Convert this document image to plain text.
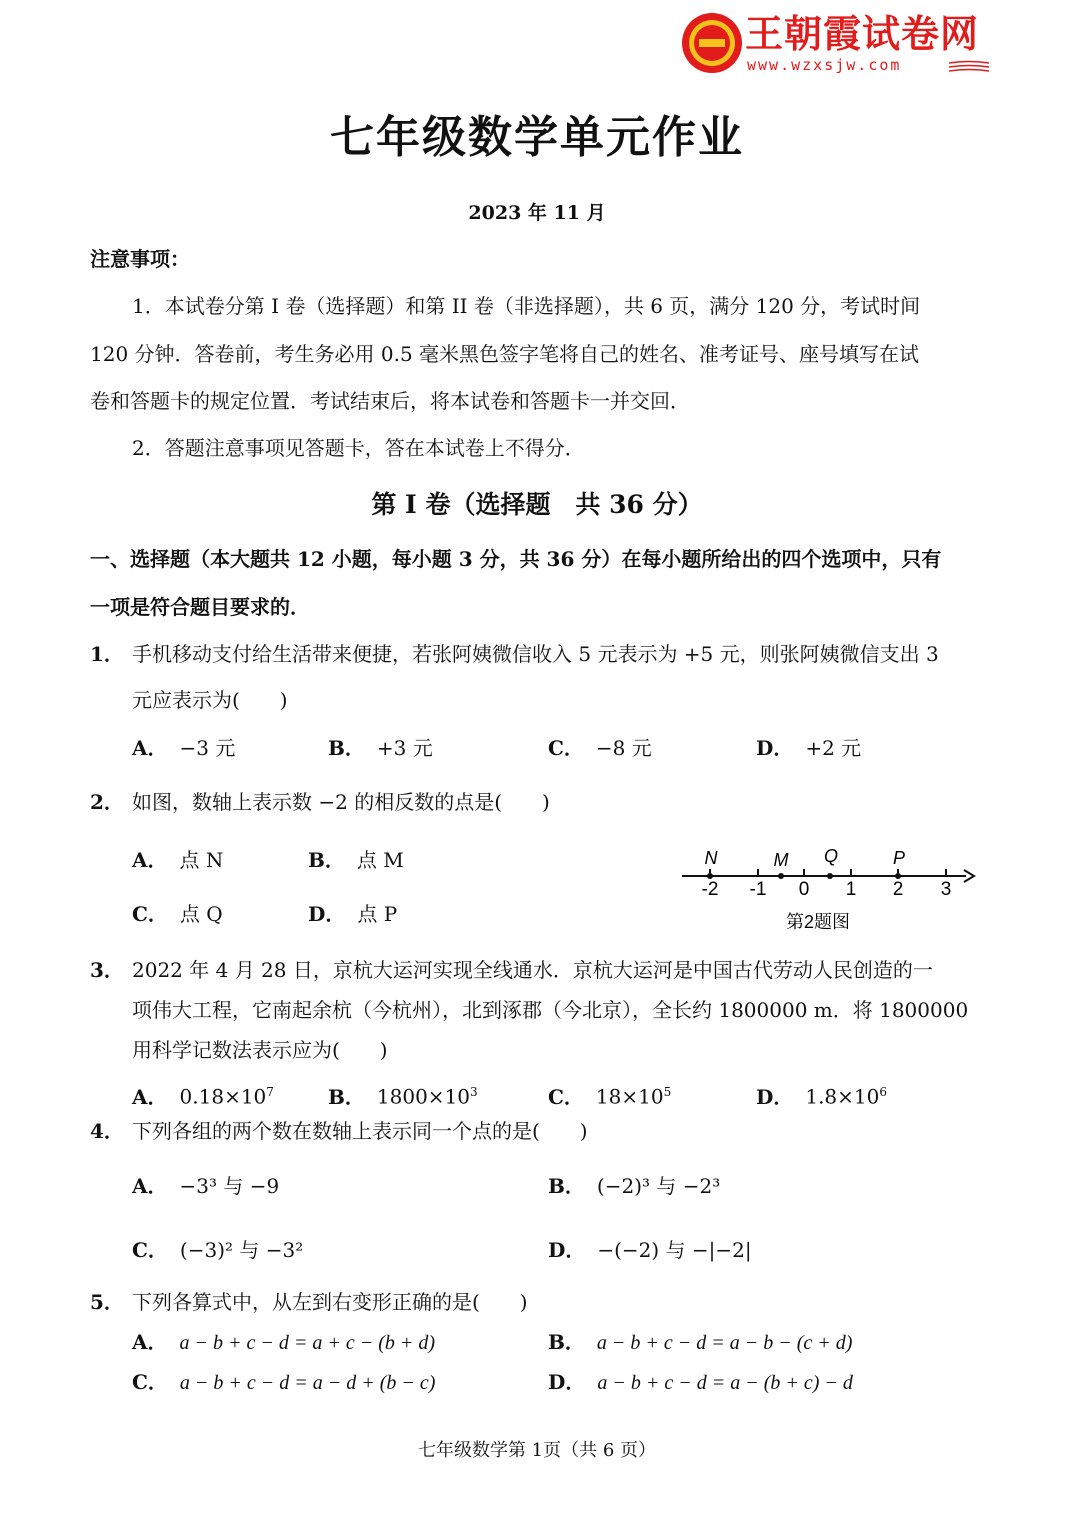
王朝霞试卷网
www.wzxsjw.com
七年级数学单元作业
2023 年 11 月
注意事项：
1．本试卷分第 I 卷（选择题）和第 II 卷（非选择题），共 6 页，满分 120 分，考试时间
120 分钟．答卷前，考生务必用 0.5 毫米黑色签字笔将自己的姓名、准考证号、座号填写在试
卷和答题卡的规定位置．考试结束后，将本试卷和答题卡一并交回．
2．答题注意事项见答题卡，答在本试卷上不得分．
第 I 卷（选择题　共 36 分）
一、选择题（本大题共 12 小题，每小题 3 分，共 36 分）在每小题所给出的四个选项中，只有
一项是符合题目要求的．
1． 手机移动支付给生活带来便捷，若张阿姨微信收入 5 元表示为 +5 元，则张阿姨微信支出 3
元应表示为(　　)
A． −3 元	B． +3 元	C． −8 元	D． +2 元
2． 如图，数轴上表示数 −2 的相反数的点是(　　)
A． 点 N	B． 点 M
C． 点 Q	D． 点 P
-2 -1 0 1 2 3
N	M Q	P
第2题图
3． 2022 年 4 月 28 日，京杭大运河实现全线通水．京杭大运河是中国古代劳动人民创造的一
项伟大工程，它南起余杭（今杭州），北到涿郡（今北京），全长约 1800000 m．将 1800000
用科学记数法表示应为(　　)
A． $0.18\times 10^7$	B． $1800\times 10^3$	C． $18\times 10^5$	D． $1.8\times 10^6$
4． 下列各组的两个数在数轴上表示同一个点的是(　　)
A． −3³ 与 −9	B． (−2)³ 与 −2³
C． (−3)² 与 −3²	D． −(−2) 与 −|−2|
5． 下列各算式中，从左到右变形正确的是(　　)
A． a − b + c − d = a + c − (b + d)	B． a − b + c − d = a − b − (c + d)
C． a − b + c − d = a − d + (b − c)	D． a − b + c − d = a − (b + c) − d
七年级数学第 1页（共 6 页）
